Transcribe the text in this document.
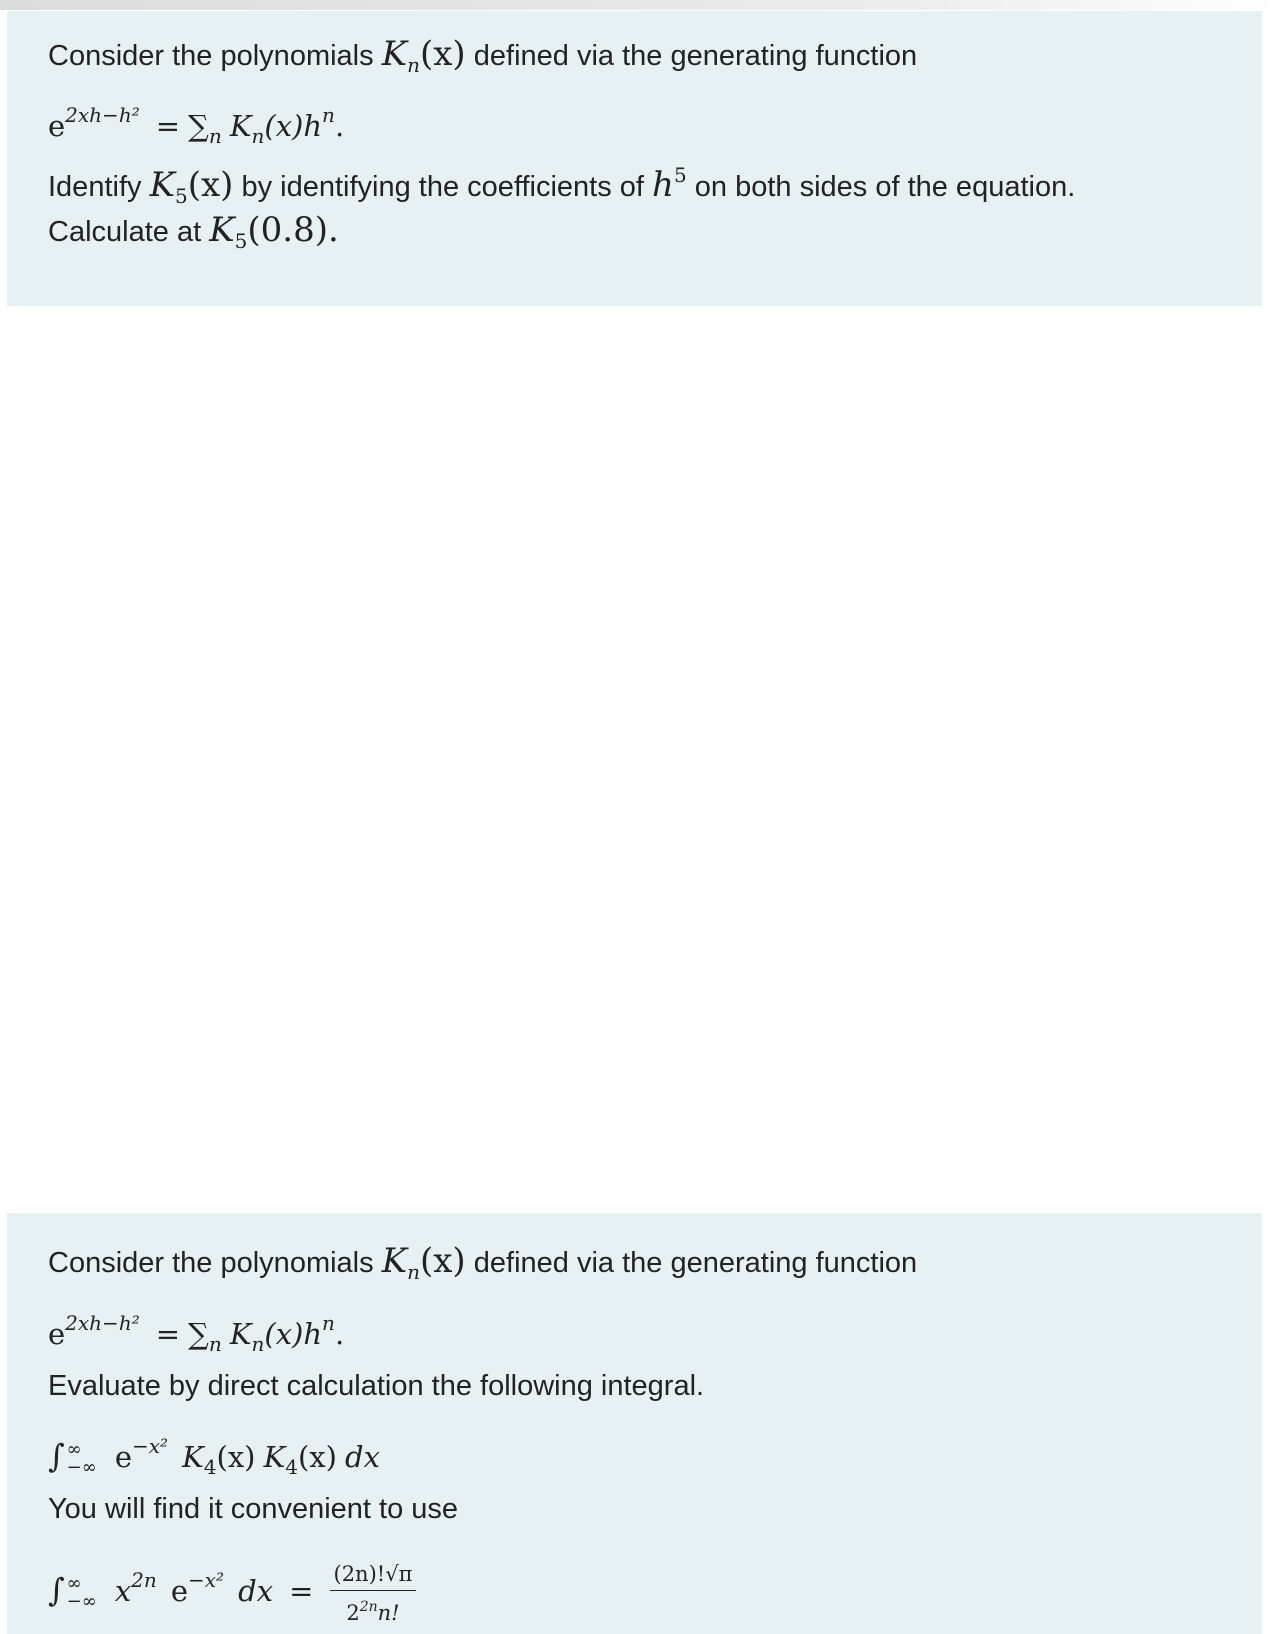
Consider the polynomials $K_n(x)$ defined via the generating function
$e^{2xh-h^2} = \sum_n$ $K_n(x)h^n$.
Identify $K_5(x)$ by identifying the coefficients of $h^5$ on both sides of the equation.
Calculate at $K_5(0.8)$.
Consider the polynomials $K_n(x)$ defined via the generating function
$e^{2xh-h^2} = \sum_n$ $K_n(x)h^n$.
Evaluate by direct calculation the following integral.
∫ ∞
−∞ $e^{-x^2}$ $K_4(x)$ $K_4(x)$ dx
You will find it convenient to use
∫ ∞
−∞ $x^{2n}$ $e^{-x^2}$ dx = $\frac{(2n)!√\pi}{2^{2n}n!}$
